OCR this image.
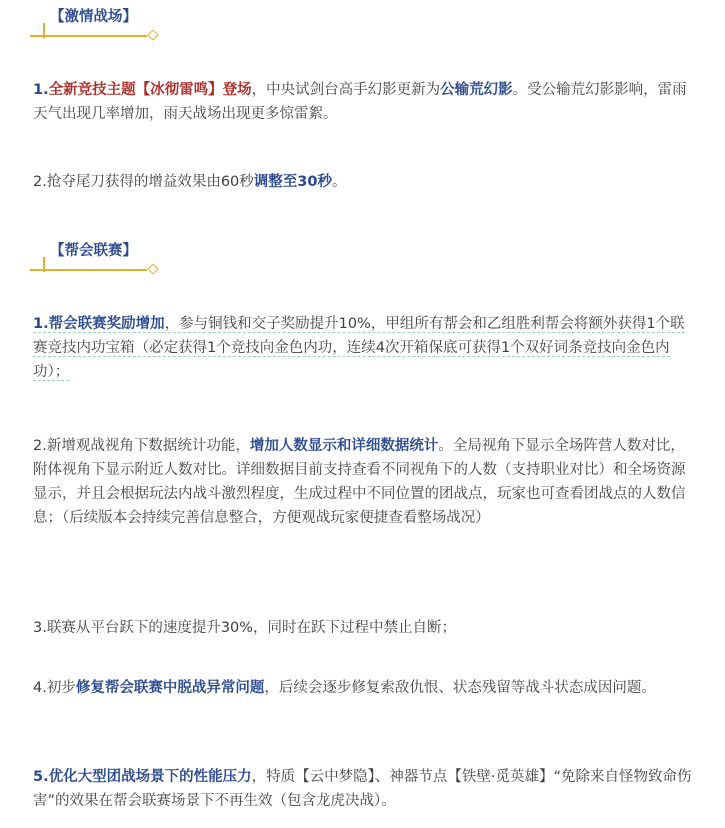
【激情战场】

1.全新竞技主题【冰彻雷鸣】登场，中央试剑台高手幻影更新为公输荒幻影。受公输荒幻影影响，雷雨天气出现几率增加，雨天战场出现更多惊雷絮。

2.抢夺尾刀获得的增益效果由60秒调整至30秒。

【帮会联赛】

1.帮会联赛奖励增加，参与铜钱和交子奖励提升10%，甲组所有帮会和乙组胜利帮会将额外获得1个联赛竞技内功宝箱（必定获得1个竞技向金色内功，连续4次开箱保底可获得1个双好词条竞技向金色内功）；

2.新增观战视角下数据统计功能，增加人数显示和详细数据统计。全局视角下显示全场阵营人数对比，附体视角下显示附近人数对比。详细数据目前支持查看不同视角下的人数（支持职业对比）和全场资源显示，并且会根据玩法内战斗激烈程度，生成过程中不同位置的团战点，玩家也可查看团战点的人数信息；（后续版本会持续完善信息整合，方便观战玩家便捷查看整场战况）

3.联赛从平台跃下的速度提升30%，同时在跃下过程中禁止自断；

4.初步修复帮会联赛中脱战异常问题，后续会逐步修复索敌仇恨、状态残留等战斗状态成因问题。

5.优化大型团战场景下的性能压力，特质【云中梦隐】、神器节点【铁壁·觅英雄】“免除来自怪物致命伤害”的效果在帮会联赛场景下不再生效（包含龙虎决战）。
